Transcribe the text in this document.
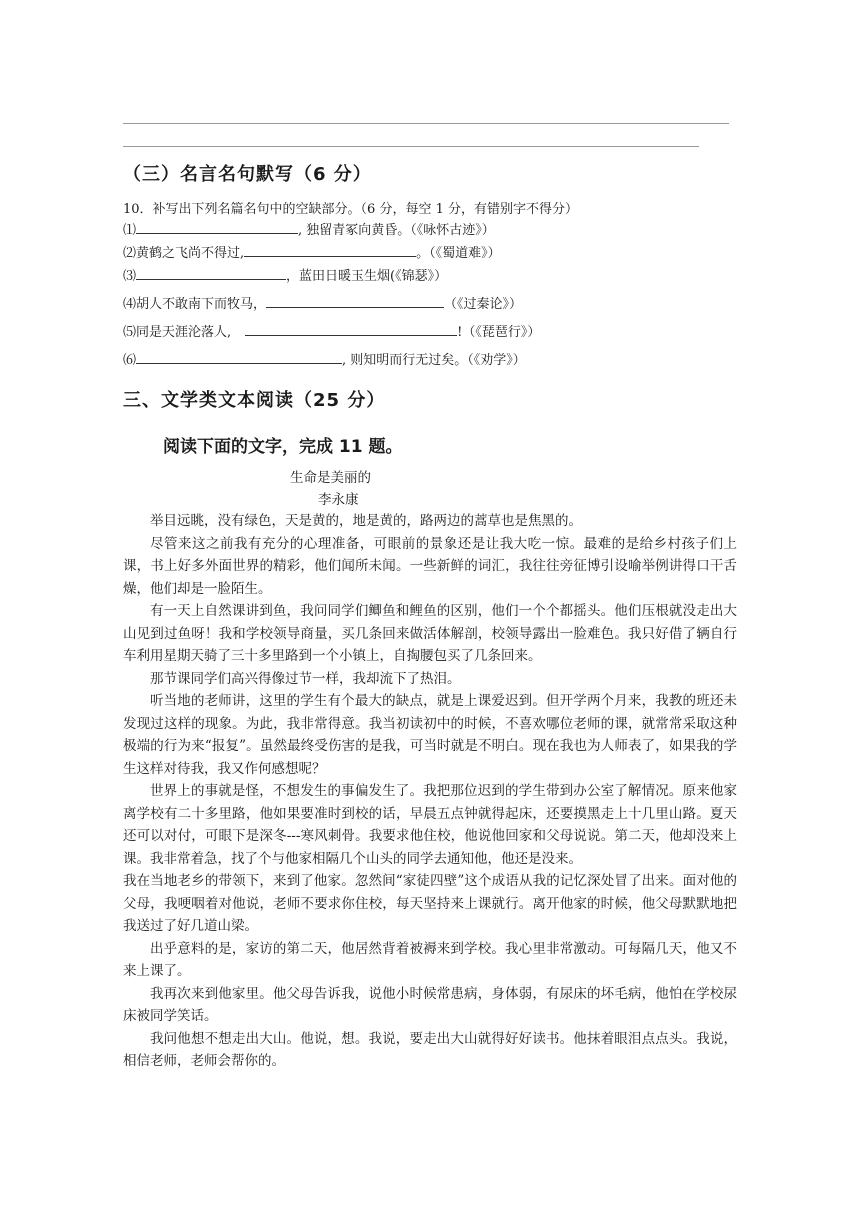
（三）名言名句默写（6 分）
10．补写出下列名篇名句中的空缺部分。（6 分，每空 1 分，有错别字不得分）
⑴	, 独留青冢向黄昏。（《咏怀古迹》）
⑵黄鹤之飞尚不得过,	。（《蜀道难》）
⑶	，蓝田日暖玉生烟(《锦瑟》）
⑷胡人不敢南下而牧马，	（《过秦论》）
⑸同是天涯沦落人,	!（《琵琶行》）
⑹	, 则知明而行无过矣。（《劝学》）
三、文学类文本阅读（25 分）
阅读下面的文字，完成 11 题。
生命是美丽的
李永康

举目远眺，没有绿色，天是黄的，地是黄的，路两边的蒿草也是焦黑的。

尽管来这之前我有充分的心理准备，可眼前的景象还是让我大吃一惊。最难的是给乡村孩子们上课，书上好多外面世界的精彩，他们闻所未闻。一些新鲜的词汇，我往往旁征博引设喻举例讲得口干舌燥，他们却是一脸陌生。

有一天上自然课讲到鱼，我问同学们鲫鱼和鲤鱼的区别，他们一个个都摇头。他们压根就没走出大山见到过鱼呀！我和学校领导商量，买几条回来做活体解剖，校领导露出一脸难色。我只好借了辆自行车利用星期天骑了三十多里路到一个小镇上，自掏腰包买了几条回来。

那节课同学们高兴得像过节一样，我却流下了热泪。

听当地的老师讲，这里的学生有个最大的缺点，就是上课爱迟到。但开学两个月来，我教的班还未发现过这样的现象。为此，我非常得意。我当初读初中的时候，不喜欢哪位老师的课，就常常采取这种极端的行为来“报复”。虽然最终受伤害的是我，可当时就是不明白。现在我也为人师表了，如果我的学生这样对待我，我又作何感想呢？

世界上的事就是怪，不想发生的事偏发生了。我把那位迟到的学生带到办公室了解情况。原来他家离学校有二十多里路，他如果要准时到校的话，早晨五点钟就得起床，还要摸黑走上十几里山路。夏天还可以对付，可眼下是深冬---寒风刺骨。我要求他住校，他说他回家和父母说说。第二天，他却没来上课。我非常着急，找了个与他家相隔几个山头的同学去通知他，他还是没来。

我在当地老乡的带领下，来到了他家。忽然间“家徒四壁”这个成语从我的记忆深处冒了出来。面对他的父母，我哽咽着对他说，老师不要求你住校，每天坚持来上课就行。离开他家的时候，他父母默默地把我送过了好几道山梁。

出乎意料的是，家访的第二天，他居然背着被褥来到学校。我心里非常激动。可每隔几天，他又不来上课了。

我再次来到他家里。他父母告诉我，说他小时候常患病，身体弱，有尿床的坏毛病，他怕在学校尿床被同学笑话。

我问他想不想走出大山。他说，想。我说，要走出大山就得好好读书。他抹着眼泪点点头。我说，相信老师，老师会帮你的。
